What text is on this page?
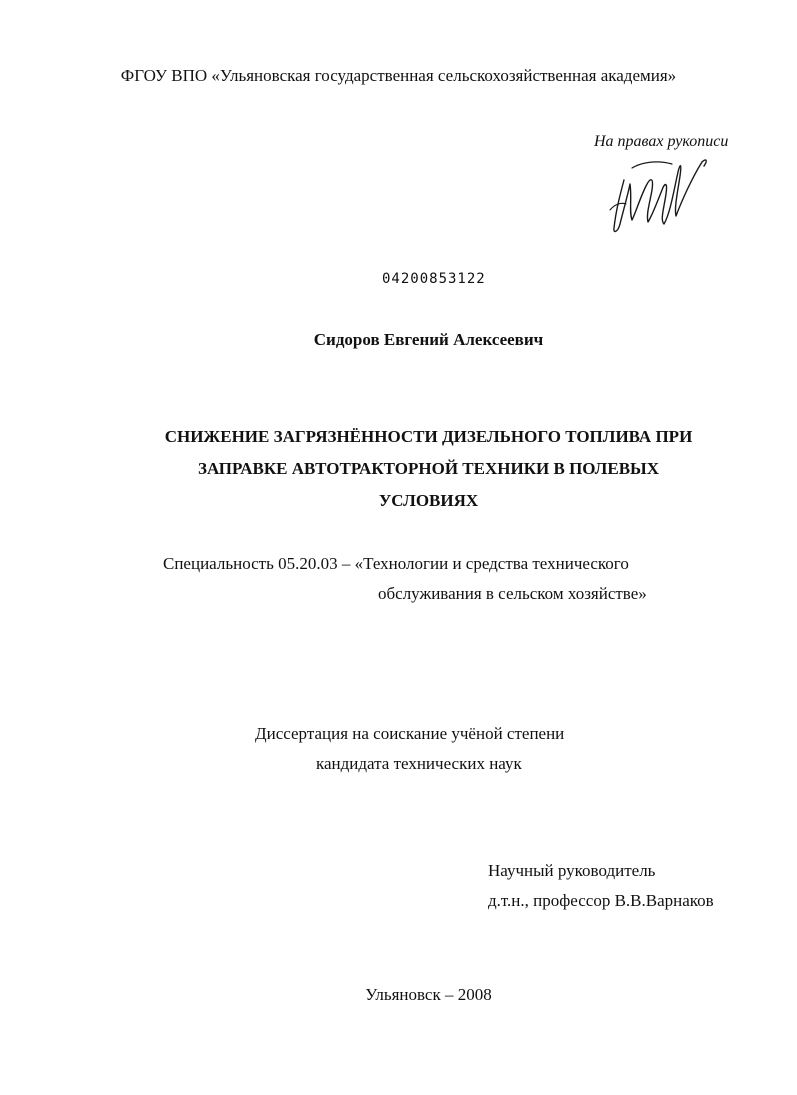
ФГОУ ВПО «Ульяновская государственная сельскохозяйственная академия»
На правах рукописи
04200853122
Сидоров Евгений Алексеевич
СНИЖЕНИЕ ЗАГРЯЗНЁННОСТИ ДИЗЕЛЬНОГО ТОПЛИВА ПРИ
ЗАПРАВКЕ АВТОТРАКТОРНОЙ ТЕХНИКИ В ПОЛЕВЫХ
УСЛОВИЯХ
Специальность 05.20.03 – «Технологии и средства технического
обслуживания в сельском хозяйстве»
Диссертация на соискание учёной степени
кандидата технических наук
Научный руководитель
д.т.н., профессор В.В.Варнаков
Ульяновск – 2008
